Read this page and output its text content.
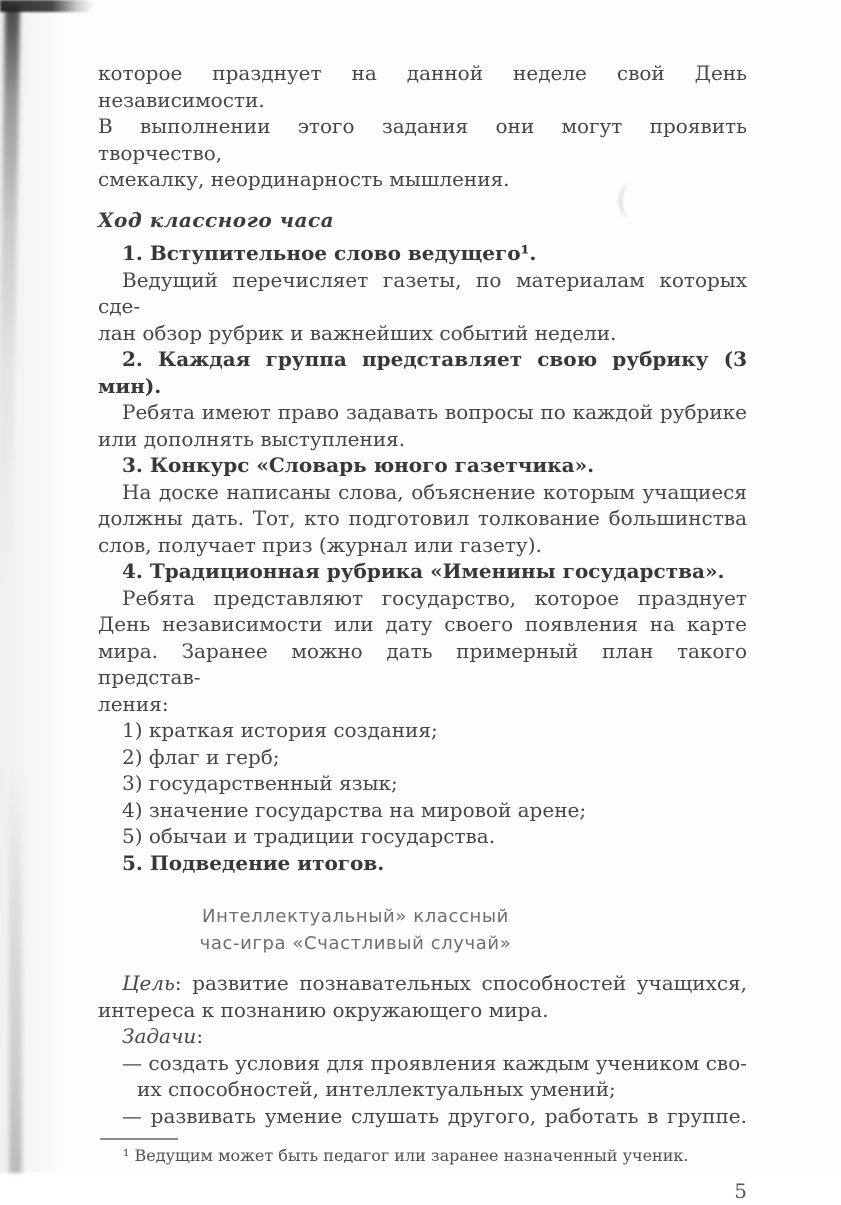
которое празднует на данной неделе свой День независимости.
В выполнении этого задания они могут проявить творчество,
смекалку, неординарность мышления.
Ход классного часа
1. Вступительное слово ведущего¹.
Ведущий перечисляет газеты, по материалам которых сде-
лан обзор рубрик и важнейших событий недели.
2. Каждая группа представляет свою рубрику (3 мин).
Ребята имеют право задавать вопросы по каждой рубрике
или дополнять выступления.
3. Конкурс «Словарь юного газетчика».
На доске написаны слова, объяснение которым учащиеся
должны дать. Тот, кто подготовил толкование большинства
слов, получает приз (журнал или газету).
4. Традиционная рубрика «Именины государства».
Ребята представляют государство, которое празднует
День независимости или дату своего появления на карте
мира. Заранее можно дать примерный план такого представ-
ления:
1) краткая история создания;
2) флаг и герб;
3) государственный язык;
4) значение государства на мировой арене;
5) обычаи и традиции государства.
5. Подведение итогов.
Интеллектуальный» классный
час-игра «Счастливый случай»
Цель: развитие познавательных способностей учащихся,
интереса к познанию окружающего мира.
Задачи:
— создать условия для проявления каждым учеником сво-
их способностей, интеллектуальных умений;
— развивать умение слушать другого, работать в группе.
¹ Ведущим может быть педагог или заранее назначенный ученик.
5
